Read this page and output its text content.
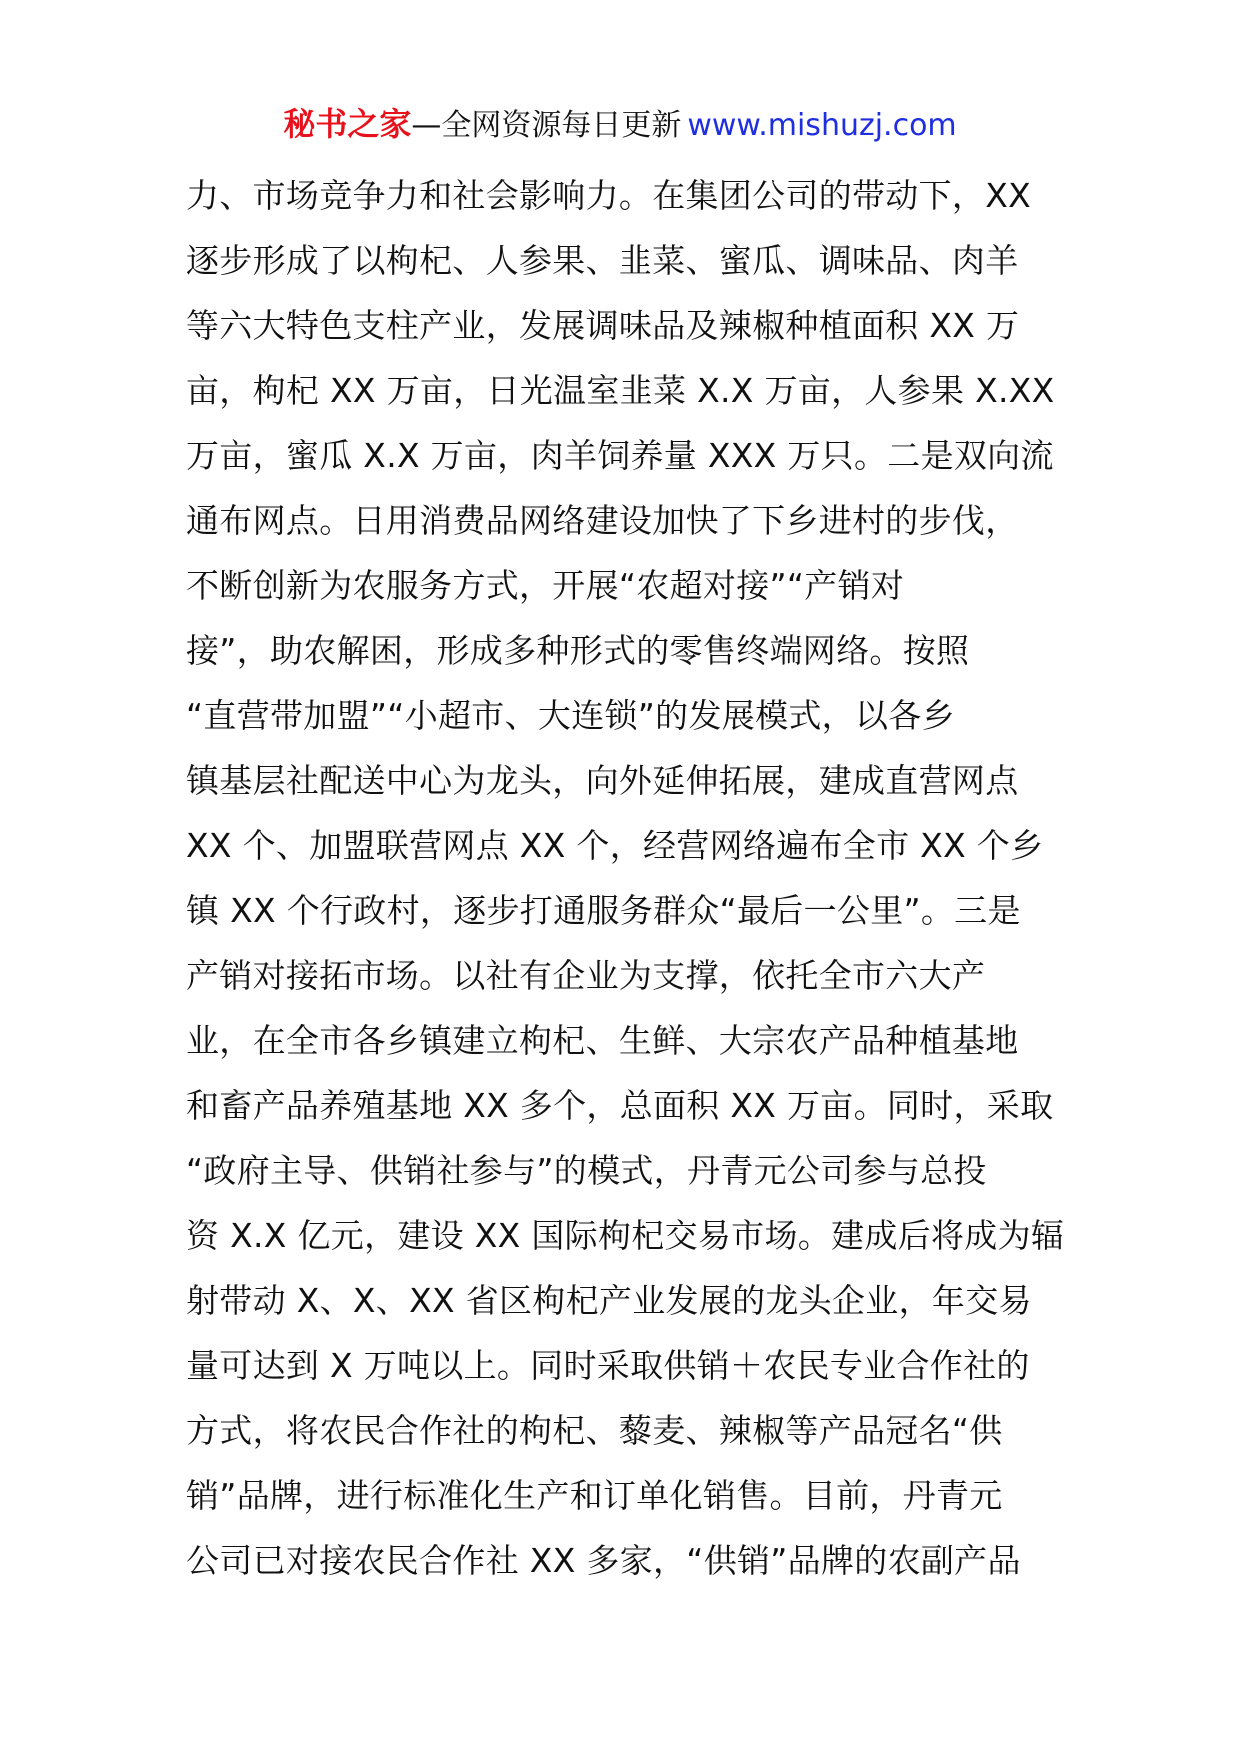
秘书之家—全网资源每日更新 www.mishuzj.com
力、市场竞争力和社会影响力。在集团公司的带动下，XX
逐步形成了以枸杞、人参果、韭菜、蜜瓜、调味品、肉羊
等六大特色支柱产业，发展调味品及辣椒种植面积 XX 万
亩，枸杞 XX 万亩，日光温室韭菜 X.X 万亩，人参果 X.XX
万亩，蜜瓜 X.X 万亩，肉羊饲养量 XXX 万只。二是双向流
通布网点。日用消费品网络建设加快了下乡进村的步伐，
不断创新为农服务方式，开展“农超对接”“产销对
接”，助农解困，形成多种形式的零售终端网络。按照
“直营带加盟”“小超市、大连锁”的发展模式，以各乡
镇基层社配送中心为龙头，向外延伸拓展，建成直营网点
XX 个、加盟联营网点 XX 个，经营网络遍布全市 XX 个乡
镇 XX 个行政村，逐步打通服务群众“最后一公里”。三是
产销对接拓市场。以社有企业为支撑，依托全市六大产
业，在全市各乡镇建立枸杞、生鲜、大宗农产品种植基地
和畜产品养殖基地 XX 多个，总面积 XX 万亩。同时，采取
“政府主导、供销社参与”的模式，丹青元公司参与总投
资 X.X 亿元，建设 XX 国际枸杞交易市场。建成后将成为辐
射带动 X、X、XX 省区枸杞产业发展的龙头企业，年交易
量可达到 X 万吨以上。同时采取供销＋农民专业合作社的
方式，将农民合作社的枸杞、藜麦、辣椒等产品冠名“供
销”品牌，进行标准化生产和订单化销售。目前，丹青元
公司已对接农民合作社 XX 多家，“供销”品牌的农副产品
